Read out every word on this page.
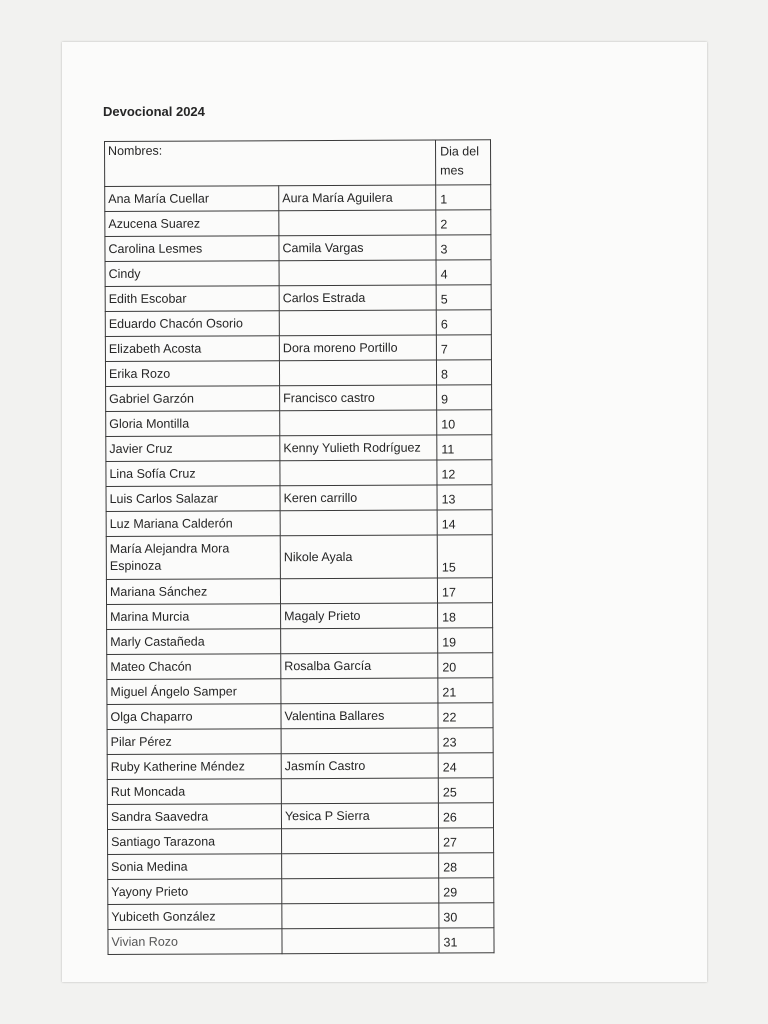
Devocional 2024
Nombres:		Dia del mes
Ana María Cuellar	Aura María Aguilera	1
Azucena Suarez		2
Carolina Lesmes	Camila Vargas	3
Cindy		4
Edith Escobar	Carlos Estrada	5
Eduardo Chacón Osorio		6
Elizabeth Acosta	Dora moreno Portillo	7
Erika Rozo		8
Gabriel Garzón	Francisco castro	9
Gloria Montilla		10
Javier Cruz	Kenny Yulieth Rodríguez	11
Lina Sofía Cruz		12
Luis Carlos Salazar	Keren carrillo	13
Luz Mariana Calderón		14
María Alejandra Mora Espinoza	Nikole Ayala	15
Mariana Sánchez		17
Marina Murcia	Magaly Prieto	18
Marly Castañeda		19
Mateo Chacón	Rosalba García	20
Miguel Ángelo Samper		21
Olga Chaparro	Valentina Ballares	22
Pilar Pérez		23
Ruby Katherine Méndez	Jasmín Castro	24
Rut Moncada		25
Sandra Saavedra	Yesica P Sierra	26
Santiago Tarazona		27
Sonia Medina		28
Yayony Prieto		29
Yubiceth González		30
Vivian Rozo		31
